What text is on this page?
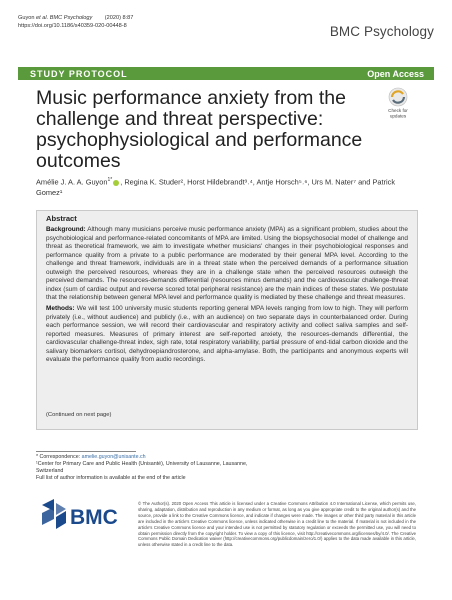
Guyon et al. BMC Psychology (2020) 8:87
https://doi.org/10.1186/s40359-020-00448-8	BMC Psychology
STUDY PROTOCOL	Open Access
Music performance anxiety from the challenge and threat perspective: psychophysiological and performance outcomes
Check for
updates
Amélie J. A. A. Guyon$^{1*}$ , Regina K. Studer², Horst Hildebrandt³˒⁴, Antje Horsch⁵˒⁶, Urs M. Nater⁷ and Patrick Gomez¹
Abstract

Background: Although many musicians perceive music performance anxiety (MPA) as a significant problem, studies about the psychobiological and performance-related concomitants of MPA are limited. Using the biopsychosocial model of challenge and threat as theoretical framework, we aim to investigate whether musicians' changes in their psychobiological responses and performance quality from a private to a public performance are moderated by their general MPA level. According to the challenge and threat framework, individuals are in a threat state when the perceived demands of a performance situation outweigh the perceived resources, whereas they are in a challenge state when the perceived resources outweigh the perceived demands. The resources-demands differential (resources minus demands) and the cardiovascular challenge-threat index (sum of cardiac output and reverse scored total peripheral resistance) are the main indices of these states. We postulate that the relationship between general MPA level and performance quality is mediated by these challenge and threat measures.

Methods: We will test 100 university music students reporting general MPA levels ranging from low to high. They will perform privately (i.e., without audience) and publicly (i.e., with an audience) on two separate days in counterbalanced order. During each performance session, we will record their cardiovascular and respiratory activity and collect saliva samples and self-reported measures. Measures of primary interest are self-reported anxiety, the resources-demands differential, the cardiovascular challenge-threat index, sigh rate, total respiratory variability, partial pressure of end-tidal carbon dioxide and the salivary biomarkers cortisol, dehydroepiandrosterone, and alpha-amylase. Both, the participants and anonymous experts will evaluate the performance quality from audio recordings.

(Continued on next page)
* Correspondence: amelie.guyon@unisante.ch
¹Center for Primary Care and Public Health (Unisanté), University of Lausanne, Lausanne, Switzerland
Full list of author information is available at the end of the article
BMC
© The Author(s). 2020 Open Access This article is licensed under a Creative Commons Attribution 4.0 International License, which permits use, sharing, adaptation, distribution and reproduction in any medium or format, as long as you give appropriate credit to the original author(s) and the source, provide a link to the Creative Commons licence, and indicate if changes were made. The images or other third party material in this article are included in the article's Creative Commons licence, unless indicated otherwise in a credit line to the material. If material is not included in the article's Creative Commons licence and your intended use is not permitted by statutory regulation or exceeds the permitted use, you will need to obtain permission directly from the copyright holder. To view a copy of this licence, visit http://creativecommons.org/licenses/by/4.0/. The Creative Commons Public Domain Dedication waiver (http://creativecommons.org/publicdomain/zero/1.0/) applies to the data made available in this article, unless otherwise stated in a credit line to the data.
